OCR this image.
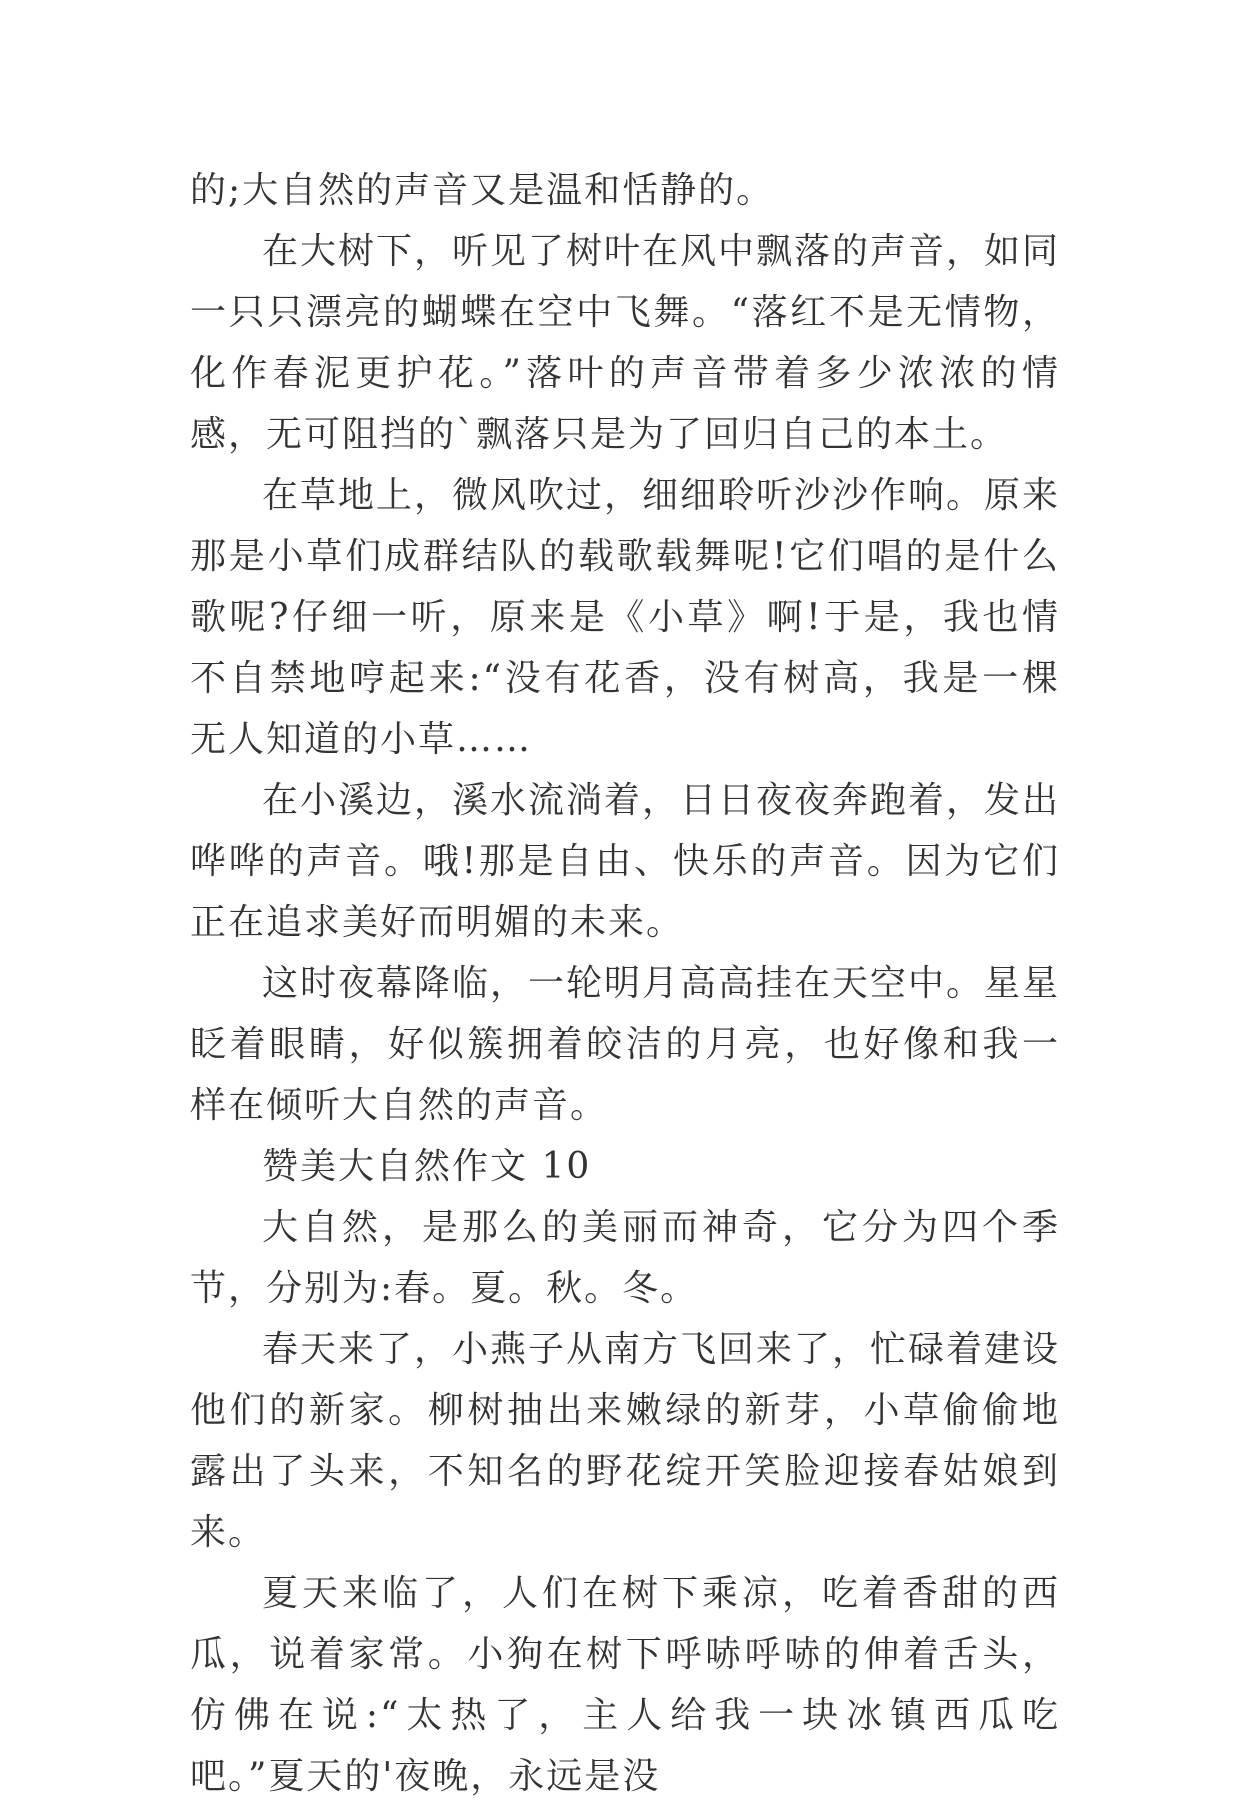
的;大自然的声音又是温和恬静的。

在大树下，听见了树叶在风中飘落的声音，如同一只只漂亮的蝴蝶在空中飞舞。“落红不是无情物，化作春泥更护花。”落叶的声音带着多少浓浓的情感，无可阻挡的`飘落只是为了回归自己的本土。

在草地上，微风吹过，细细聆听沙沙作响。原来那是小草们成群结队的载歌载舞呢!它们唱的是什么歌呢?仔细一听，原来是《小草》啊!于是，我也情不自禁地哼起来:“没有花香，没有树高，我是一棵无人知道的小草……

在小溪边，溪水流淌着，日日夜夜奔跑着，发出哗哗的声音。哦!那是自由、快乐的声音。因为它们正在追求美好而明媚的未来。

这时夜幕降临，一轮明月高高挂在天空中。星星眨着眼睛，好似簇拥着皎洁的月亮，也好像和我一样在倾听大自然的声音。

赞美大自然作文 10

大自然，是那么的美丽而神奇，它分为四个季节，分别为:春。夏。秋。冬。

春天来了，小燕子从南方飞回来了，忙碌着建设他们的新家。柳树抽出来嫩绿的新芽，小草偷偷地露出了头来，不知名的野花绽开笑脸迎接春姑娘到来。

夏天来临了，人们在树下乘凉，吃着香甜的西瓜，说着家常。小狗在树下呼哧呼哧的伸着舌头，仿佛在说:“太热了，主人给我一块冰镇西瓜吃吧。”夏天的'夜晚，永远是没
